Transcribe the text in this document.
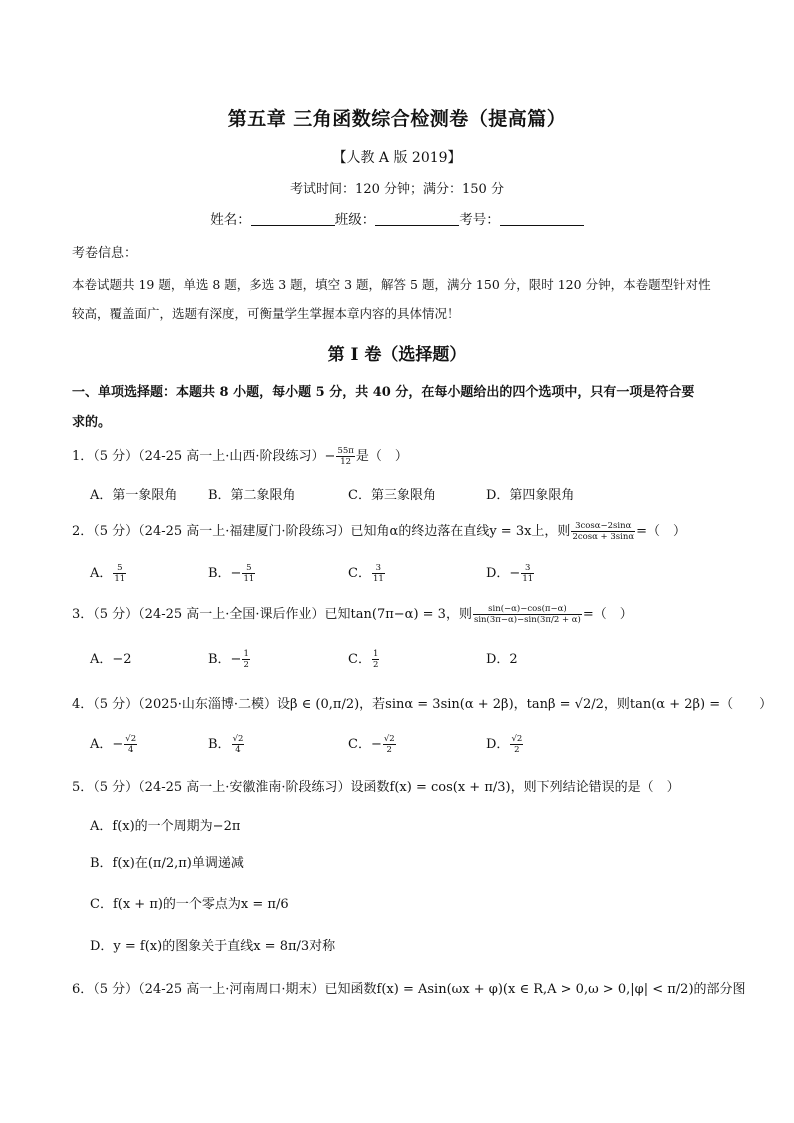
第五章 三角函数综合检测卷（提高篇）
【人教 A 版 2019】
考试时间：120 分钟；满分：150 分
姓名：	班级：	考号：
考卷信息：
本卷试题共 19 题，单选 8 题，多选 3 题，填空 3 题，解答 5 题，满分 150 分，限时 120 分钟，本卷题型针对性
较高，覆盖面广，选题有深度，可衡量学生掌握本章内容的具体情况！
第 I 卷（选择题）
一、单项选择题：本题共 8 小题，每小题 5 分，共 40 分，在每小题给出的四个选项中，只有一项是符合要
求的。
1．（5 分）（24-25 高一上·山西·阶段练习）− $\frac{55\pi}{12}$ 是（　）
A．第一象限角 B．第二象限角	C．第三象限角	D．第四象限角
2．（5 分）（24-25 高一上·福建厦门·阶段练习）已知角α的终边落在直线y = 3x上，则 $\frac{3\cos\alpha-2\sin\alpha}{2\cos\alpha + 3\sin\alpha}$ =（　）
A． $\frac{5}{11}$	B．− $\frac{5}{11}$	C． $\frac{3}{11}$	D．− $\frac{3}{11}$
3．（5 分）（24-25 高一上·全国·课后作业）已知tan(7π−α) = 3，则 $\frac{\sin(-\alpha)-\cos(\pi-\alpha)}{\sin(3\pi-\alpha)-\sin(3\pi/2 + \alpha)}$ =（　）
A．−2	B．− $\frac{1}{2}$	C． $\frac{1}{2}$	D．2
4．（5 分）（2025·山东淄博·二模）设β ∈ (0,π/2)，若sinα = 3sin(α + 2β)，tanβ = √2/2，则tan(α + 2β) =（　　）
A．− $\frac{√2}{4}$	B． $\frac{√2}{4}$	C．− $\frac{√2}{2}$	D． $\frac{√2}{2}$
5．（5 分）（24-25 高一上·安徽淮南·阶段练习）设函数f(x) = cos(x + π/3)，则下列结论错误的是（　）
A．f(x)的一个周期为−2π
B．f(x)在(π/2,π)单调递减
C．f(x + π)的一个零点为x = π/6
D．y = f(x)的图象关于直线x = 8π/3对称
6．（5 分）（24-25 高一上·河南周口·期末）已知函数f(x) = Asin(ωx + φ)(x ∈ R,A > 0,ω > 0,|φ| < π/2)的部分图
